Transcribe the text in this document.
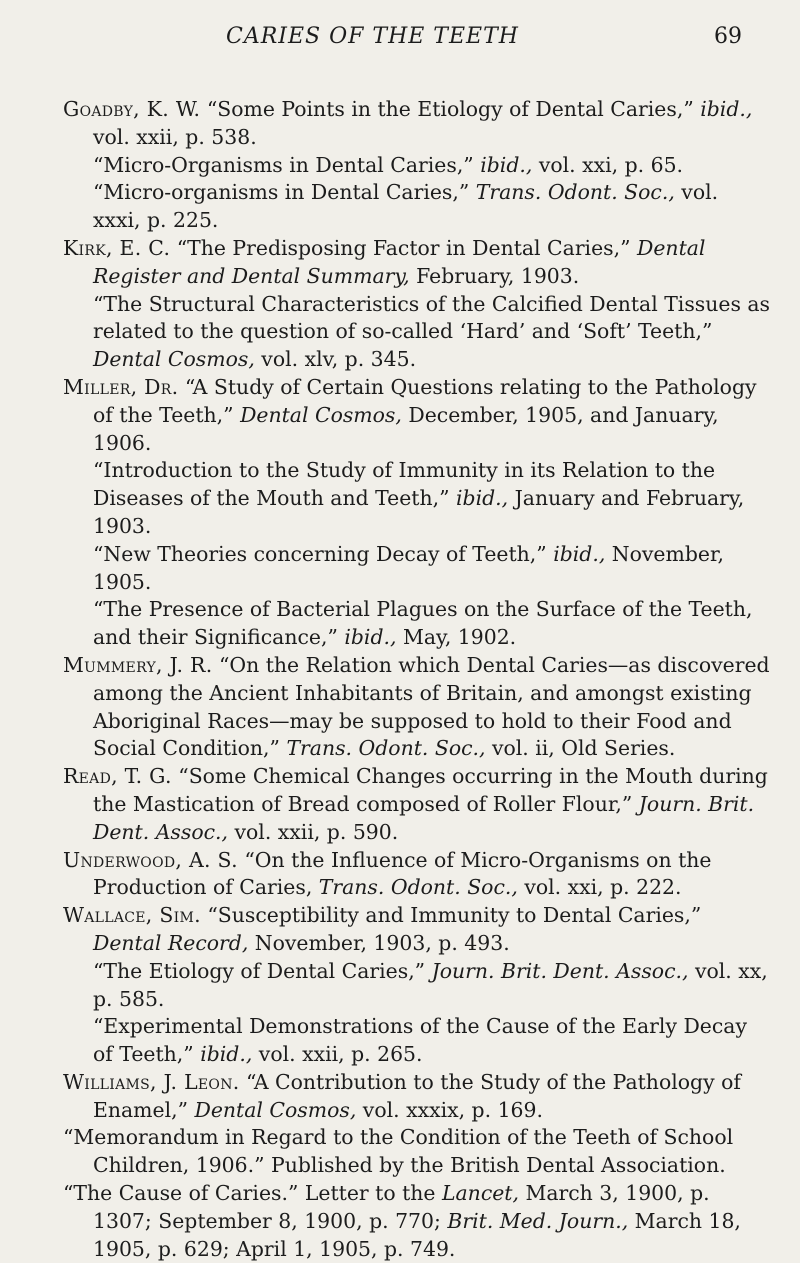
CARIES OF THE TEETH	69

Goadby, K. W. “Some Points in the Etiology of Dental Caries,” ibid., vol. xxii, p. 538.

“Micro-Organisms in Dental Caries,” ibid., vol. xxi, p. 65.

“Micro-organisms in Dental Caries,” Trans. Odont. Soc., vol. xxxi, p. 225.

Kirk, E. C. “The Predisposing Factor in Dental Caries,” Dental Register and Dental Summary, February, 1903.

“The Structural Characteristics of the Calcified Dental Tissues as related to the question of so-called ‘Hard’ and ‘Soft’ Teeth,” Dental Cosmos, vol. xlv, p. 345.

Miller, Dr. “A Study of Certain Questions relating to the Pathology of the Teeth,” Dental Cosmos, December, 1905, and January, 1906.

“Introduction to the Study of Immunity in its Relation to the Diseases of the Mouth and Teeth,” ibid., January and February, 1903.

“New Theories concerning Decay of Teeth,” ibid., November, 1905.

“The Presence of Bacterial Plagues on the Surface of the Teeth, and their Significance,” ibid., May, 1902.

Mummery, J. R. “On the Relation which Dental Caries—as discovered among the Ancient Inhabitants of Britain, and amongst existing Aboriginal Races—may be supposed to hold to their Food and Social Condition,” Trans. Odont. Soc., vol. ii, Old Series.

Read, T. G. “Some Chemical Changes occurring in the Mouth during the Mastication of Bread composed of Roller Flour,” Journ. Brit. Dent. Assoc., vol. xxii, p. 590.

Underwood, A. S. “On the Influence of Micro-Organisms on the Production of Caries, Trans. Odont. Soc., vol. xxi, p. 222.

Wallace, Sim. “Susceptibility and Immunity to Dental Caries,” Dental Record, November, 1903, p. 493.

“The Etiology of Dental Caries,” Journ. Brit. Dent. Assoc., vol. xx, p. 585.

“Experimental Demonstrations of the Cause of the Early Decay of Teeth,” ibid., vol. xxii, p. 265.

Williams, J. Leon. “A Contribution to the Study of the Pathology of Enamel,” Dental Cosmos, vol. xxxix, p. 169.

“Memorandum in Regard to the Condition of the Teeth of School Children, 1906.” Published by the British Dental Association.

“The Cause of Caries.” Letter to the Lancet, March 3, 1900, p. 1307; September 8, 1900, p. 770; Brit. Med. Journ., March 18, 1905, p. 629; April 1, 1905, p. 749.
